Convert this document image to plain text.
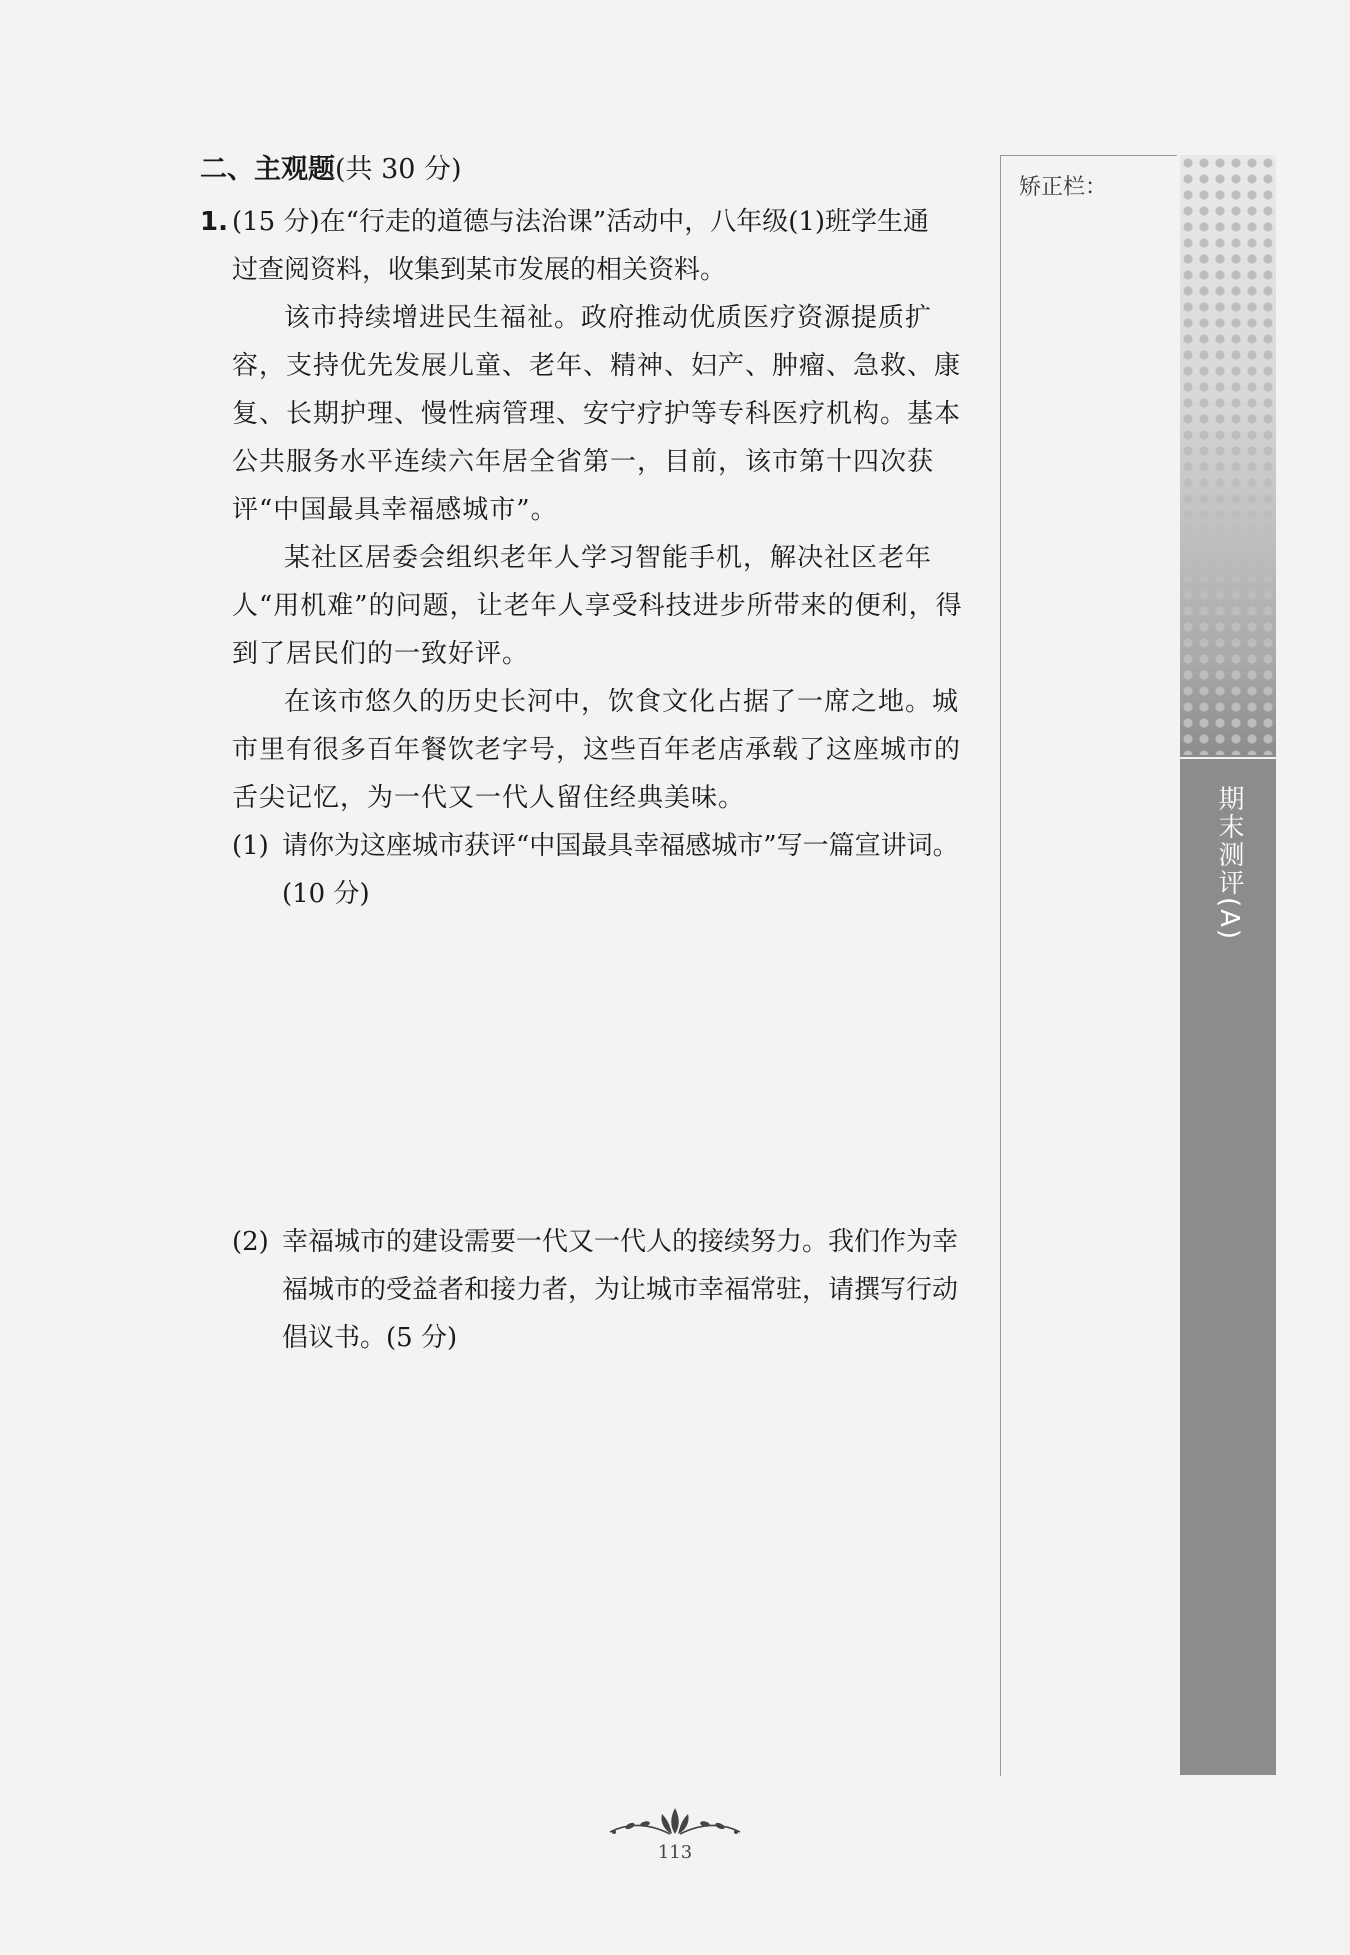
二、主观题(共 30 分)
1. (15 分)在“行走的道德与法治课”活动中，八年级(1)班学生通
过查阅资料，收集到某市发展的相关资料。
该市持续增进民生福祉。政府推动优质医疗资源提质扩容，支持优先发展儿童、老年、精神、妇产、肿瘤、急救、康复、长期护理、慢性病管理、安宁疗护等专科医疗机构。基本公共服务水平连续六年居全省第一，目前，该市第十四次获评“中国最具幸福感城市”。
某社区居委会组织老年人学习智能手机，解决社区老年人“用机难”的问题，让老年人享受科技进步所带来的便利，得到了居民们的一致好评。
在该市悠久的历史长河中，饮食文化占据了一席之地。城市里有很多百年餐饮老字号，这些百年老店承载了这座城市的舌尖记忆，为一代又一代人留住经典美味。
(1) 请你为这座城市获评“中国最具幸福感城市”写一篇宣讲词。(10 分)
(2) 幸福城市的建设需要一代又一代人的接续努力。我们作为幸福城市的受益者和接力者，为让城市幸福常驻，请撰写行动倡议书。(5 分)
矫正栏：
期末测评(A)
113
